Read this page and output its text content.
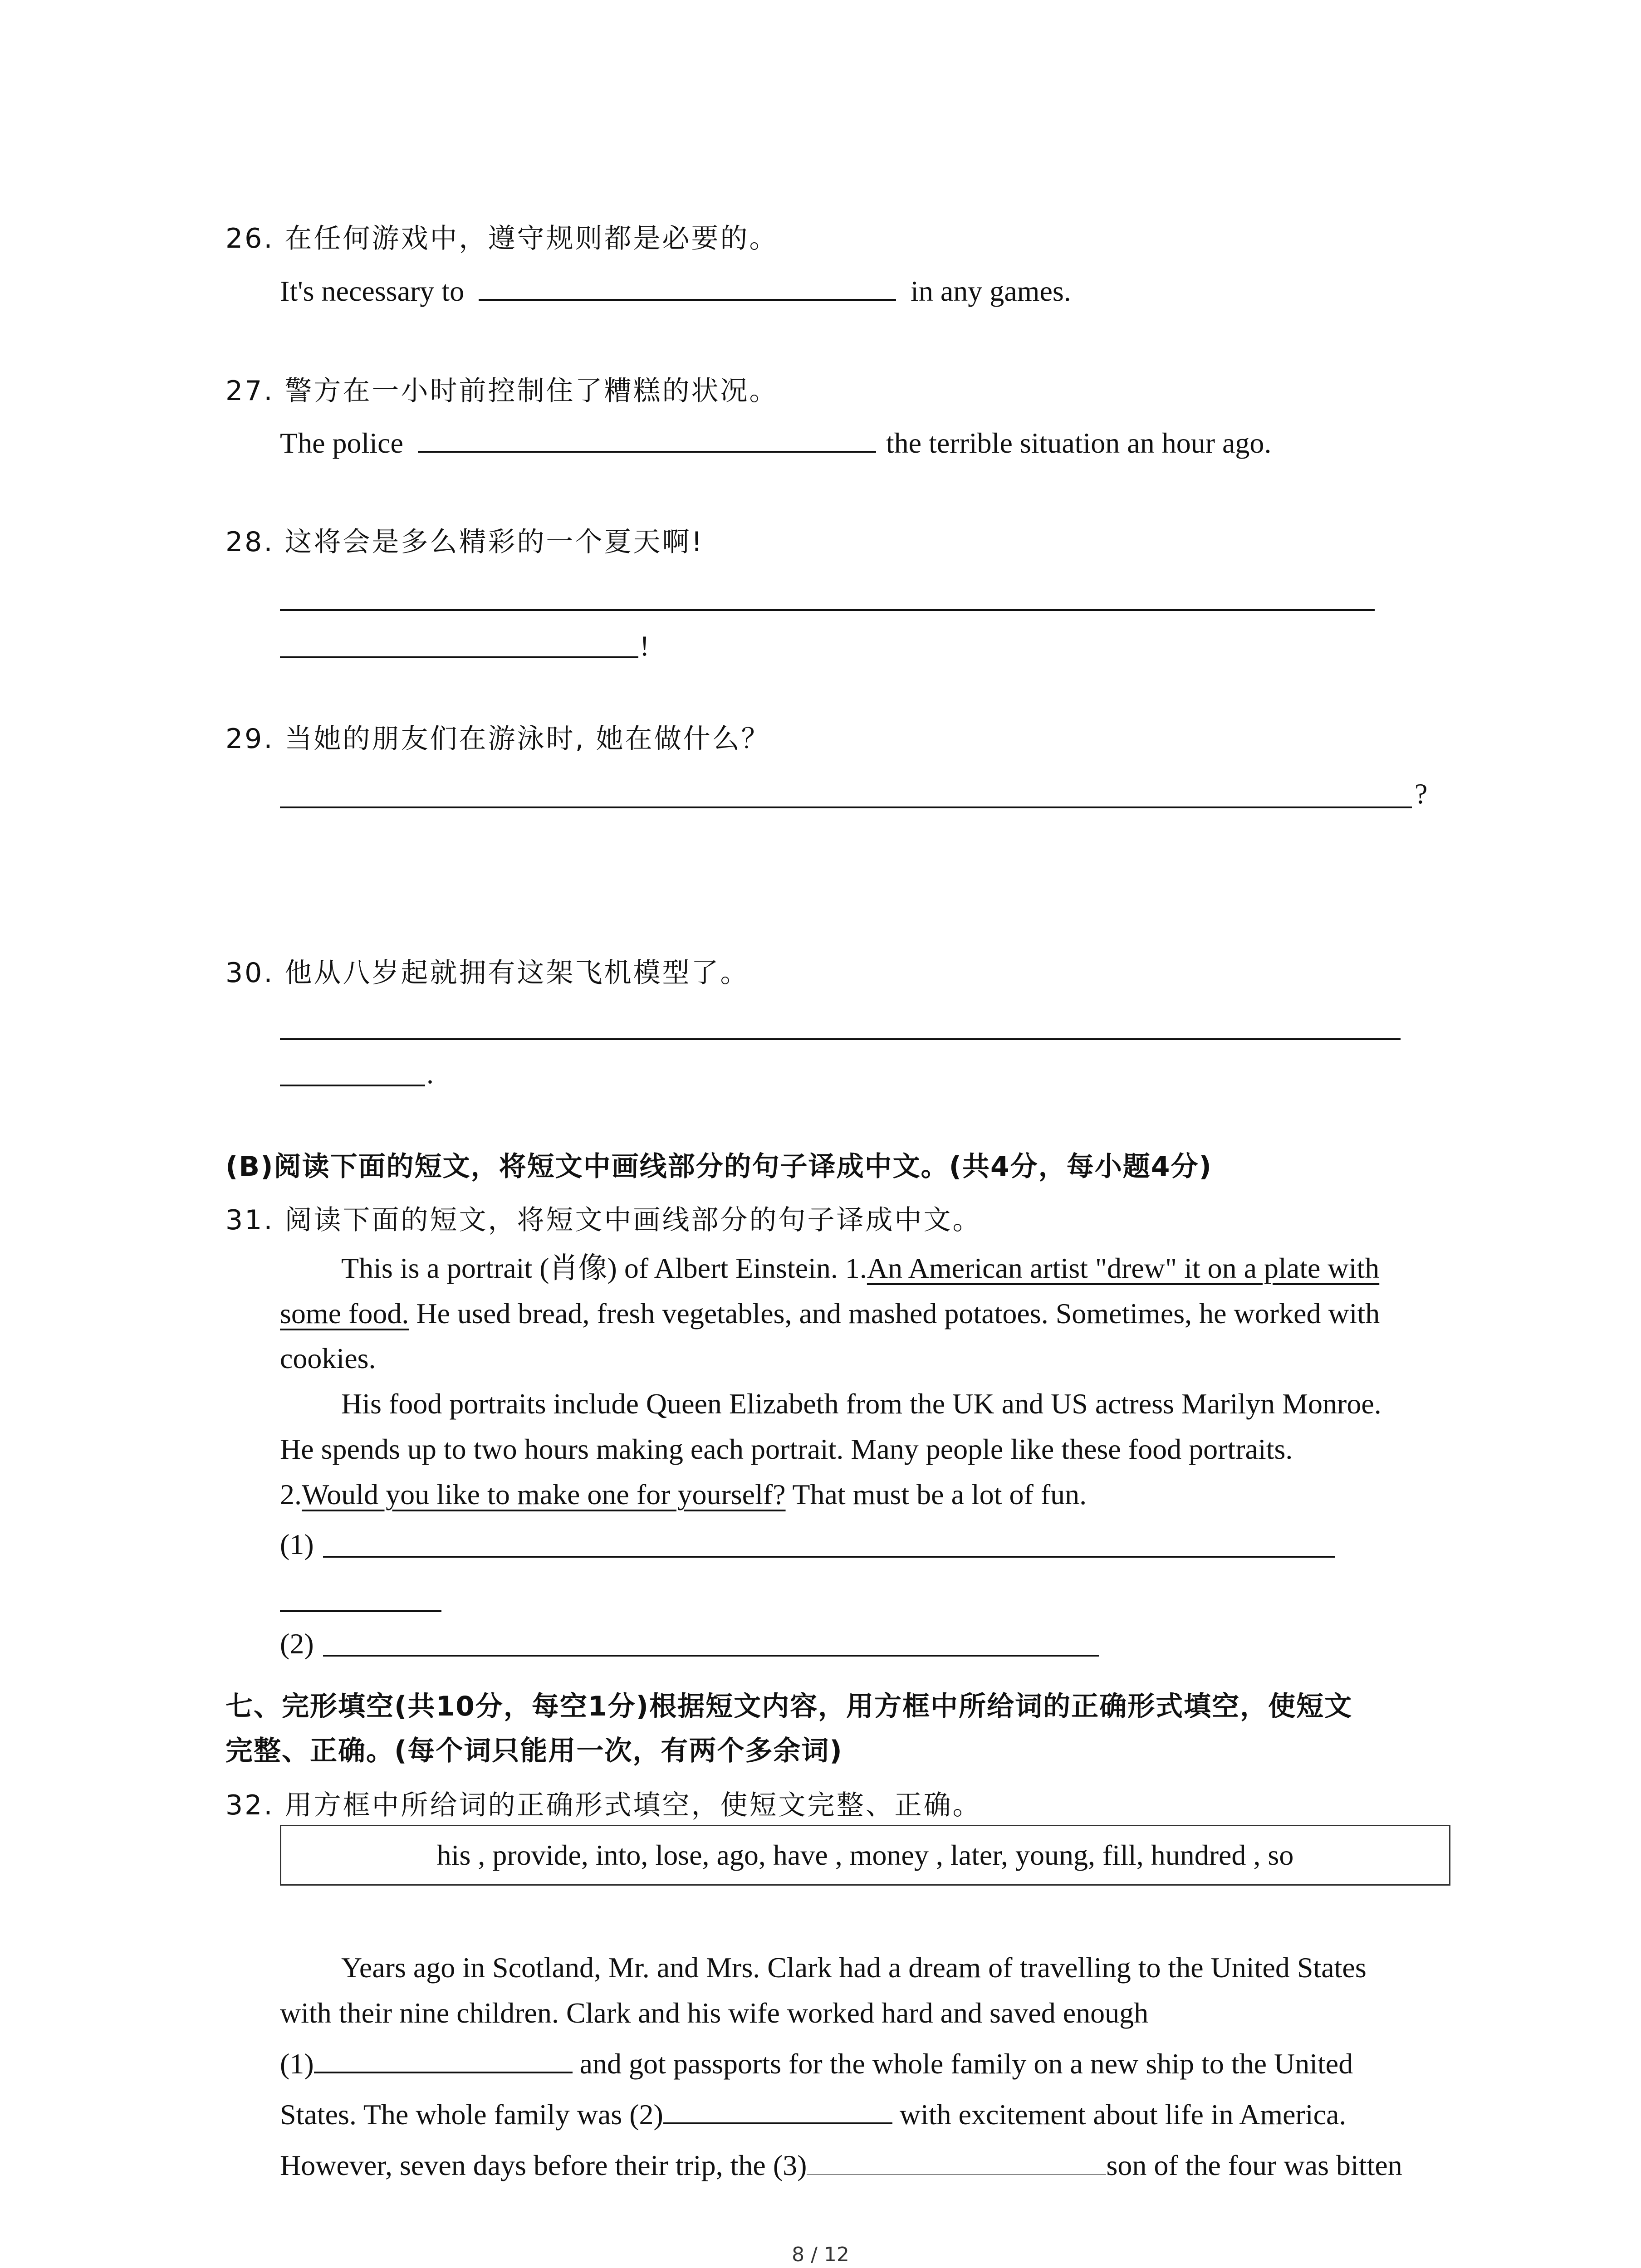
26. 在任何游戏中，遵守规则都是必要的。
It's necessary to	in any games.
27. 警方在一小时前控制住了糟糕的状况。
The police	the terrible situation an hour ago.
28. 这将会是多么精彩的一个夏天啊!
!
29. 当她的朋友们在游泳时, 她在做什么？
?
30. 他从八岁起就拥有这架飞机模型了。
.
(B)阅读下面的短文，将短文中画线部分的句子译成中文。(共4分，每小题4分)
31. 阅读下面的短文，将短文中画线部分的句子译成中文。
This is a portrait (肖像) of Albert Einstein. 1.An American artist "drew" it on a plate with
some food. He used bread, fresh vegetables, and mashed potatoes. Sometimes, he worked with
cookies.
His food portraits include Queen Elizabeth from the UK and US actress Marilyn Monroe.
He spends up to two hours making each portrait. Many people like these food portraits.
2.Would you like to make one for yourself? That must be a lot of fun.
(1)
(2)
七、完形填空(共10分，每空1分)根据短文内容，用方框中所给词的正确形式填空，使短文
完整、正确。(每个词只能用一次，有两个多余词)
32. 用方框中所给词的正确形式填空，使短文完整、正确。
his , provide, into, lose, ago, have , money , later, young, fill, hundred , so
Years ago in Scotland, Mr. and Mrs. Clark had a dream of travelling to the United States
with their nine children. Clark and his wife worked hard and saved enough
(1)	and got passports for the whole family on a new ship to the United
States. The whole family was (2)	with excitement about life in America.
However, seven days before their trip, the (3)	son of the four was bitten
8 / 12
